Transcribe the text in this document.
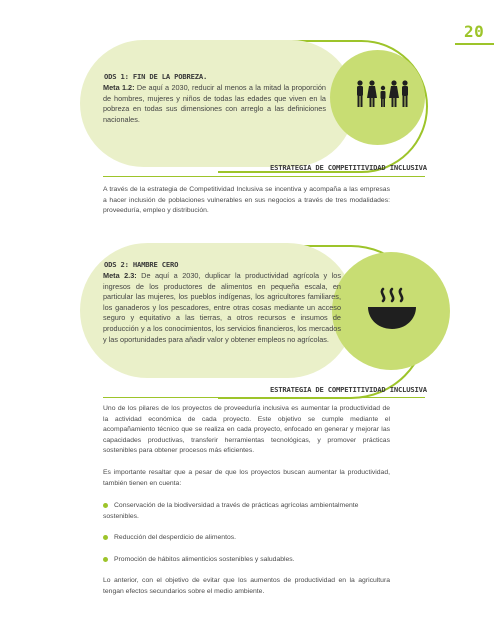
20
ODS 1: FIN DE LA POBREZA.
Meta 1.2: De aquí a 2030, reducir al menos a la mitad la proporción de hombres, mujeres y niños de todas las edades que viven en la pobreza en todas sus dimensiones con arreglo a las definiciones nacionales.
ESTRATEGIA DE COMPETITIVIDAD INCLUSIVA
A través de la estrategia de Competitividad Inclusiva se incentiva y acompaña a las empresas a hacer inclusión de poblaciones vulnerables en sus negocios a través de tres modalidades: proveeduría, empleo y distribución.
ODS 2: HAMBRE CERO
Meta 2.3: De aquí a 2030, duplicar la productividad agrícola y los ingresos de los productores de alimentos en pequeña escala, en particular las mujeres, los pueblos indígenas, los agricultores familiares, los ganaderos y los pescadores, entre otras cosas mediante un acceso seguro y equitativo a las tierras, a otros recursos e insumos de producción y a los conocimientos, los servicios financieros, los mercados y las oportunidades para añadir valor y obtener empleos no agrícolas.
ESTRATEGIA DE COMPETITIVIDAD INCLUSIVA
Uno de los pilares de los proyectos de proveeduría inclusiva es aumentar la productividad de la actividad económica de cada proyecto. Este objetivo se cumple mediante el acompañamiento técnico que se realiza en cada proyecto, enfocado en generar y mejorar las capacidades productivas, transferir herramientas tecnológicas, y promover prácticas sostenibles para obtener procesos más eficientes.
Es importante resaltar que a pesar de que los proyectos buscan aumentar la productividad, también tienen en cuenta:
Conservación de la biodiversidad a través de prácticas agrícolas ambientalmente sostenibles.
Reducción del desperdicio de alimentos.
Promoción de hábitos alimenticios sostenibles y saludables.
Lo anterior, con el objetivo de evitar que los aumentos de productividad en la agricultura tengan efectos secundarios sobre el medio ambiente.
